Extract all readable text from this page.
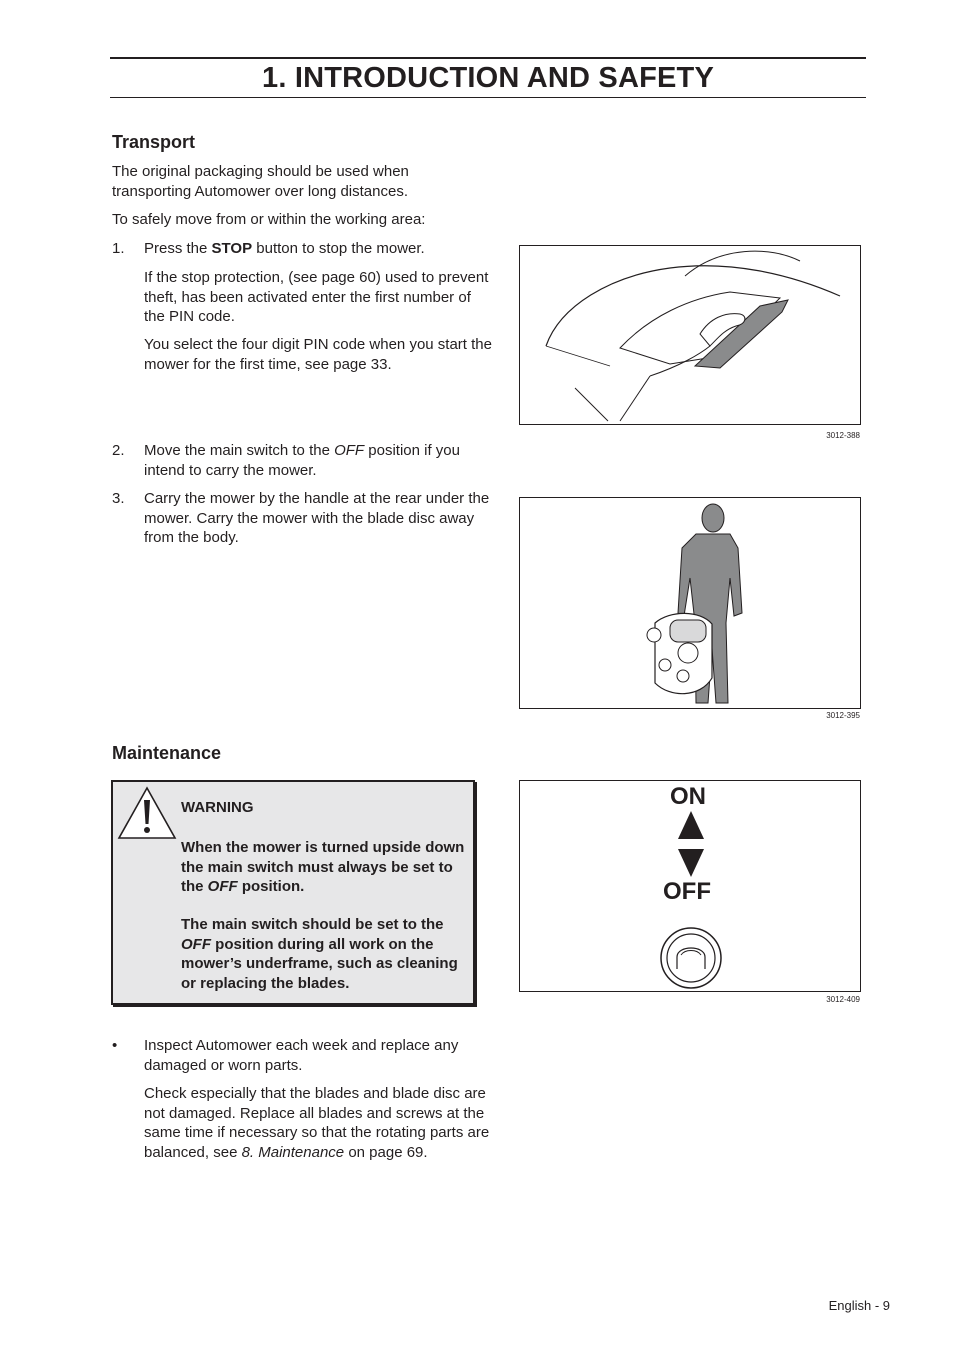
1. INTRODUCTION AND SAFETY
Transport
The original packaging should be used when transporting Automower over long distances.
To safely move from or within the working area:
1.	Press the STOP button to stop the mower.
If the stop protection, (see page 60) used to prevent theft, has been activated enter the first number of the PIN code.
You select the four digit PIN code when you start the mower for the first time, see page 33.
2.	Move the main switch to the OFF position if you intend to carry the mower.
3.	Carry the mower by the handle at the rear under the mower. Carry the mower with the blade disc away from the body.
3012-388
3012-395
Maintenance
WARNING
When the mower is turned upside down the main switch must always be set to the OFF position.
The main switch should be set to the OFF position during all work on the mower’s underframe, such as cleaning or replacing the blades.
ON
OFF
3012-409
• Inspect Automower each week and replace any damaged or worn parts.
Check especially that the blades and blade disc are not damaged. Replace all blades and screws at the same time if necessary so that the rotating parts are balanced, see 8. Maintenance on page 69.
English - 9
